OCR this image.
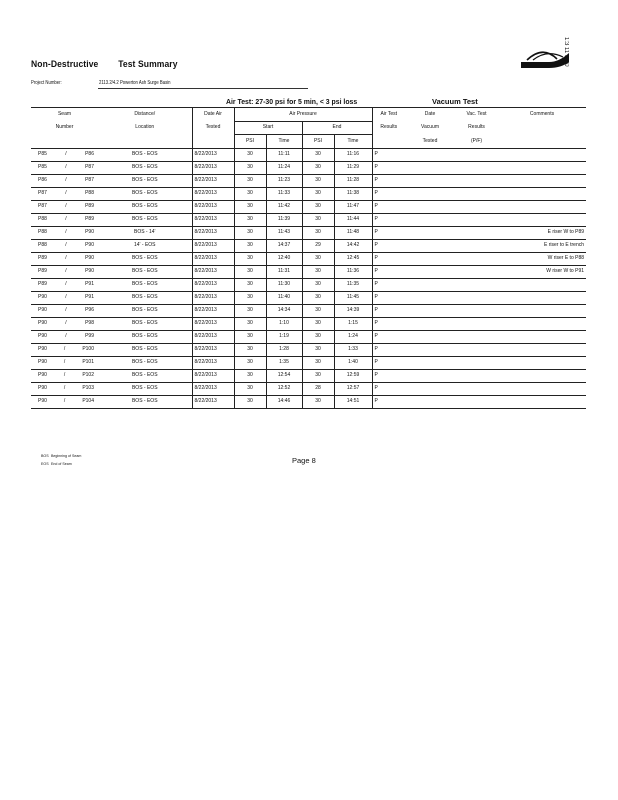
Non-Destructive Test Summary	1:3 11 3:00
Project Number:	2113.2/4.2 Powerton Ash Surge Basin
Air Test: 27-30 psi for 5 min, < 3 psi loss	Vacuum Test
Seam	Distance/	Date Air	Air Pressure				Air Test	Date	Vac. Test	Comments
Number	Location	Tested	Start		End		Results	Vacuum	Results	
			PSI	Time	PSI	Time		Tested	(P/F)	

P85 / P86	BOS - EOS	8/22/2013	30	11:11	30	11:16	P			

P85 / P87	BOS - EOS	8/22/2013	30	11:24	30	11:29	P			

P86 / P87	BOS - EOS	8/22/2013	30	11:23	30	11:28	P			

P87 / P88	BOS - EOS	8/22/2013	30	11:33	30	11:38	P			

P87 / P89	BOS - EOS	8/22/2013	30	11:42	30	11:47	P			

P88 / P89	BOS - EOS	8/22/2013	30	11:39	30	11:44	P			

P88 / P90	BOS - 14'	8/22/2013	30	11:43	30	11:48	P			E riser W to P89

P88 / P90	14' - EOS	8/22/2013	30	14:37	29	14:42	P			E riser to E trench

P89 / P90	BOS - EOS	8/22/2013	30	12:40	30	12:45	P			W riser E to P88

P89 / P90	BOS - EOS	8/22/2013	30	11:31	30	11:36	P			W riser W to P91

P89 / P91	BOS - EOS	8/22/2013	30	11:30	30	11:35	P			

P90 / P91	BOS - EOS	8/22/2013	30	11:40	30	11:45	P			

P90 / P96	BOS - EOS	8/22/2013	30	14:34	30	14:39	P			

P90 / P98	BOS - EOS	8/22/2013	30	1:10	30	1:15	P			

P90 / P99	BOS - EOS	8/22/2013	30	1:19	30	1:24	P			

P90 / P100	BOS - EOS	8/22/2013	30	1:28	30	1:33	P			

P90 / P101	BOS - EOS	8/22/2013	30	1:35	30	1:40	P			

P90 / P102	BOS - EOS	8/22/2013	30	12:54	30	12:59	P			

P90 / P103	BOS - EOS	8/22/2013	30	12:52	28	12:57	P			

P90 / P104	BOS - EOS	8/22/2013	30	14:46	30	14:51	P			
BOS Beginning of Seam
EOS End of Seam	Page 8
